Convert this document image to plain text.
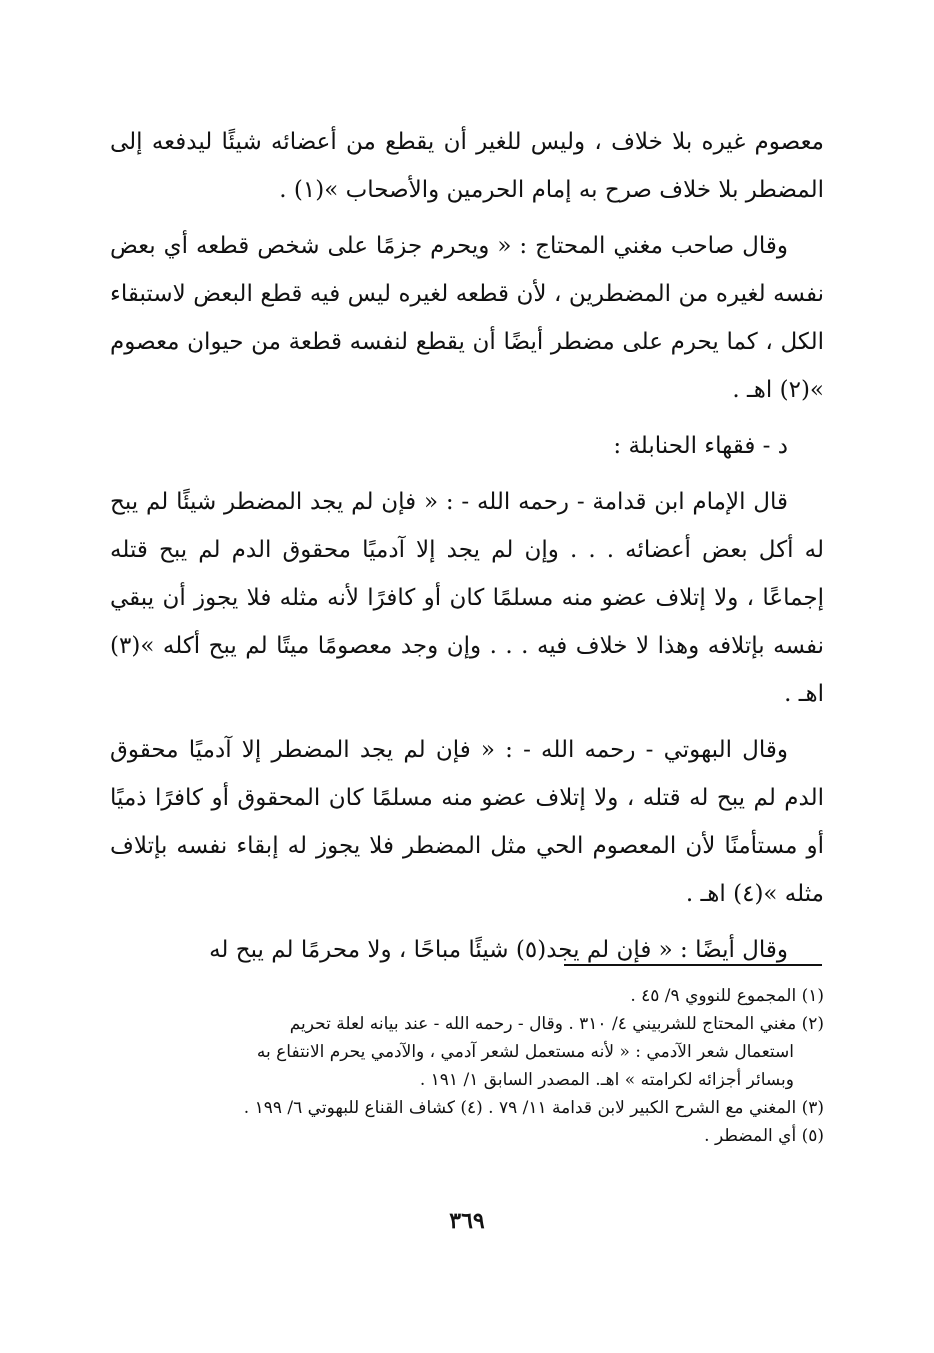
معصوم غيره بلا خلاف ، وليس للغير أن يقطع من أعضائه شيئًا ليدفعه إلى المضطر بلا خلاف صرح به إمام الحرمين والأصحاب »(١) .

وقال صاحب مغني المحتاج : « ويحرم جزمًا على شخص قطعه أي بعض نفسه لغيره من المضطرين ، لأن قطعه لغيره ليس فيه قطع البعض لاستبقاء الكل ، كما يحرم على مضطر أيضًا أن يقطع لنفسه قطعة من حيوان معصوم »(٢) اهـ .

د - فقهاء الحنابلة :

قال الإمام ابن قدامة - رحمه الله - : « فإن لم يجد المضطر شيئًا لم يبح له أكل بعض أعضائه . . . وإن لم يجد إلا آدميًا محقوق الدم لم يبح قتله إجماعًا ، ولا إتلاف عضو منه مسلمًا كان أو كافرًا لأنه مثله فلا يجوز أن يبقي نفسه بإتلافه وهذا لا خلاف فيه . . . وإن وجد معصومًا ميتًا لم يبح أكله »(٣) اهـ .

وقال البهوتي - رحمه الله - : « فإن لم يجد المضطر إلا آدميًا محقوق الدم لم يبح له قتله ، ولا إتلاف عضو منه مسلمًا كان المحقوق أو كافرًا ذميًا أو مستأمنًا لأن المعصوم الحي مثل المضطر فلا يجوز له إبقاء نفسه بإتلاف مثله »(٤) اهـ .

وقال أيضًا : « فإن لم يجد(٥) شيئًا مباحًا ، ولا محرمًا لم يبح له

(١) المجموع للنووي ٩/ ٤٥ .

(٢) مغني المحتاج للشربيني ٤/ ٣١٠ . وقال - رحمه الله - عند بيانه لعلة تحريم

استعمال شعر الآدمي : « لأنه مستعمل لشعر آدمي ، والآدمي يحرم الانتفاع به

وبسائر أجزائه لكرامته » اهـ. المصدر السابق ١/ ١٩١ .

(٣) المغني مع الشرح الكبير لابن قدامة ١١/ ٧٩ . (٤) كشاف القناع للبهوتي ٦/ ١٩٩ .

(٥) أي المضطر .

٣٦٩
